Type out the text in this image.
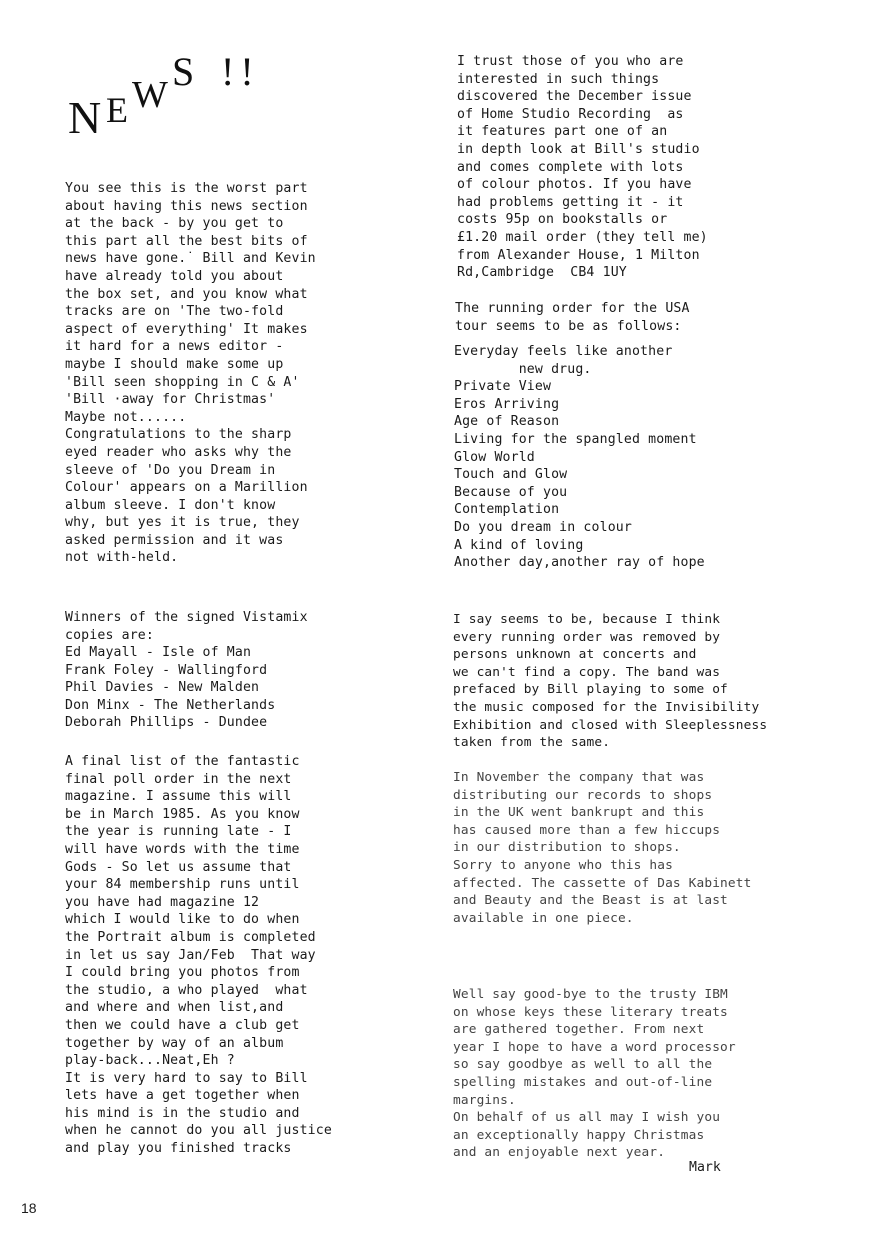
N E W
S !!
You see this is the worst part
about having this news section
at the back - by you get to
this part all the best bits of
news have gone.˙ Bill and Kevin
have already told you about
the box set, and you know what
tracks are on 'The two-fold
aspect of everything' It makes
it hard for a news editor -
maybe I should make some up
'Bill seen shopping in C & A'
'Bill ·away for Christmas'
Maybe not......
Congratulations to the sharp
eyed reader who asks why the
sleeve of 'Do you Dream in
Colour' appears on a Marillion
album sleeve. I don't know
why, but yes it is true, they
asked permission and it was
not with-held.
Winners of the signed Vistamix
copies are:
Ed Mayall - Isle of Man
Frank Foley - Wallingford
Phil Davies - New Malden
Don Minx - The Netherlands
Deborah Phillips - Dundee
A final list of the fantastic
final poll order in the next
magazine. I assume this will
be in March 1985. As you know
the year is running late - I
will have words with the time
Gods - So let us assume that
your 84 membership runs until
you have had magazine 12
which I would like to do when
the Portrait album is completed
in let us say Jan/Feb  That way
I could bring you photos from
the studio, a who played  what
and where and when list,and
then we could have a club get
together by way of an album
play-back...Neat,Eh ?
It is very hard to say to Bill
lets have a get together when
his mind is in the studio and
when he cannot do you all justice
and play you finished tracks
I trust those of you who are
interested in such things
discovered the December issue
of Home Studio Recording  as
it features part one of an
in depth look at Bill's studio
and comes complete with lots
of colour photos. If you have
had problems getting it - it
costs 95p on bookstalls or
£1.20 mail order (they tell me)
from Alexander House, 1 Milton
Rd,Cambridge  CB4 1UY
The running order for the USA
tour seems to be as follows:
Everyday feels like another
new drug.
Private View
Eros Arriving
Age of Reason
Living for the spangled moment
Glow World
Touch and Glow
Because of you
Contemplation
Do you dream in colour
A kind of loving
Another day,another ray of hope
I say seems to be, because I think
every running order was removed by
persons unknown at concerts and
we can't find a copy. The band was
prefaced by Bill playing to some of
the music composed for the Invisibility
Exhibition and closed with Sleeplessness
taken from the same.
In November the company that was
distributing our records to shops
in the UK went bankrupt and this
has caused more than a few hiccups
in our distribution to shops.
Sorry to anyone who this has
affected. The cassette of Das Kabinett
and Beauty and the Beast is at last
available in one piece.
Well say good-bye to the trusty IBM
on whose keys these literary treats
are gathered together. From next
year I hope to have a word processor
so say goodbye as well to all the
spelling mistakes and out-of-line
margins.
On behalf of us all may I wish you
an exceptionally happy Christmas
and an enjoyable next year.
Mark
18
